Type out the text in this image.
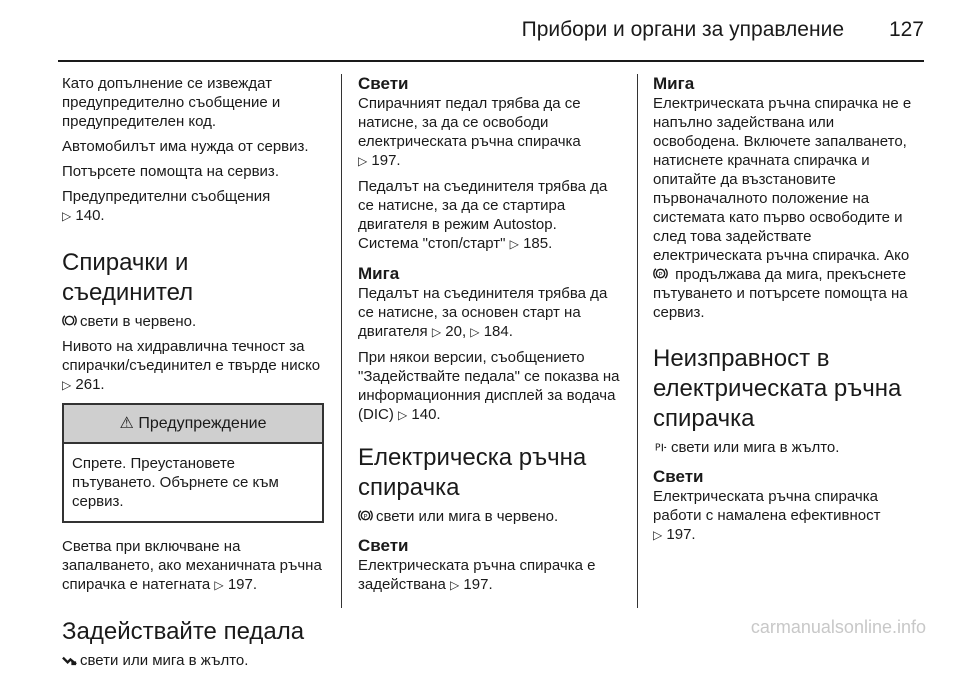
Прибори и органи за управление 127

Като допълнение се извеждат предупредително съобщение и предупредителен код.

Автомобилът има нужда от сервиз.

Потърсете помощта на сервиз.

Предупредителни съобщения
▷ 140.

Спирачки и съединител

свети в червено.

Нивото на хидравлична течност за спирачки/съединител е твърде ниско ▷ 261.

⚠ Предупреждение
Спрете. Преустановете пътуването. Обърнете се към сервиз.

Светва при включване на запалването, ако механичната ръчна спирачка е натегната ▷ 197.

Задействайте педала

свети или мига в жълто.

Свети

Спирачният педал трябва да се натисне, за да се освободи електрическата ръчна спирачка
▷ 197.

Педалът на съединителя трябва да се натисне, за да се стартира двигателя в режим Autostop. Система "стоп/старт" ▷ 185.

Мига

Педалът на съединителя трябва да се натисне, за основен старт на двигателя ▷ 20, ▷ 184.

При някои версии, съобщението "Задействайте педала" се показва на информационния дисплей за водача (DIC) ▷ 140.

Електрическа ръчна спирачка

P свети или мига в червено.

Свети

Електрическата ръчна спирачка е задействана ▷ 197.

Мига

Електрическата ръчна спирачка не е напълно задействана или освободена. Включете запалването, натиснете крачната спирачка и опитайте да възстановите първоначалното положение на системата като първо освободите и след това задействате електрическата ръчна спирачка. Ако
P продължава да мига, прекъснете пътуването и потърсете помощта на сервиз.

Неизправност в електрическата ръчна спирачка

P свети или мига в жълто.

Свети

Електрическата ръчна спирачка работи с намалена ефективност
▷ 197.

carmanualsonline.info
